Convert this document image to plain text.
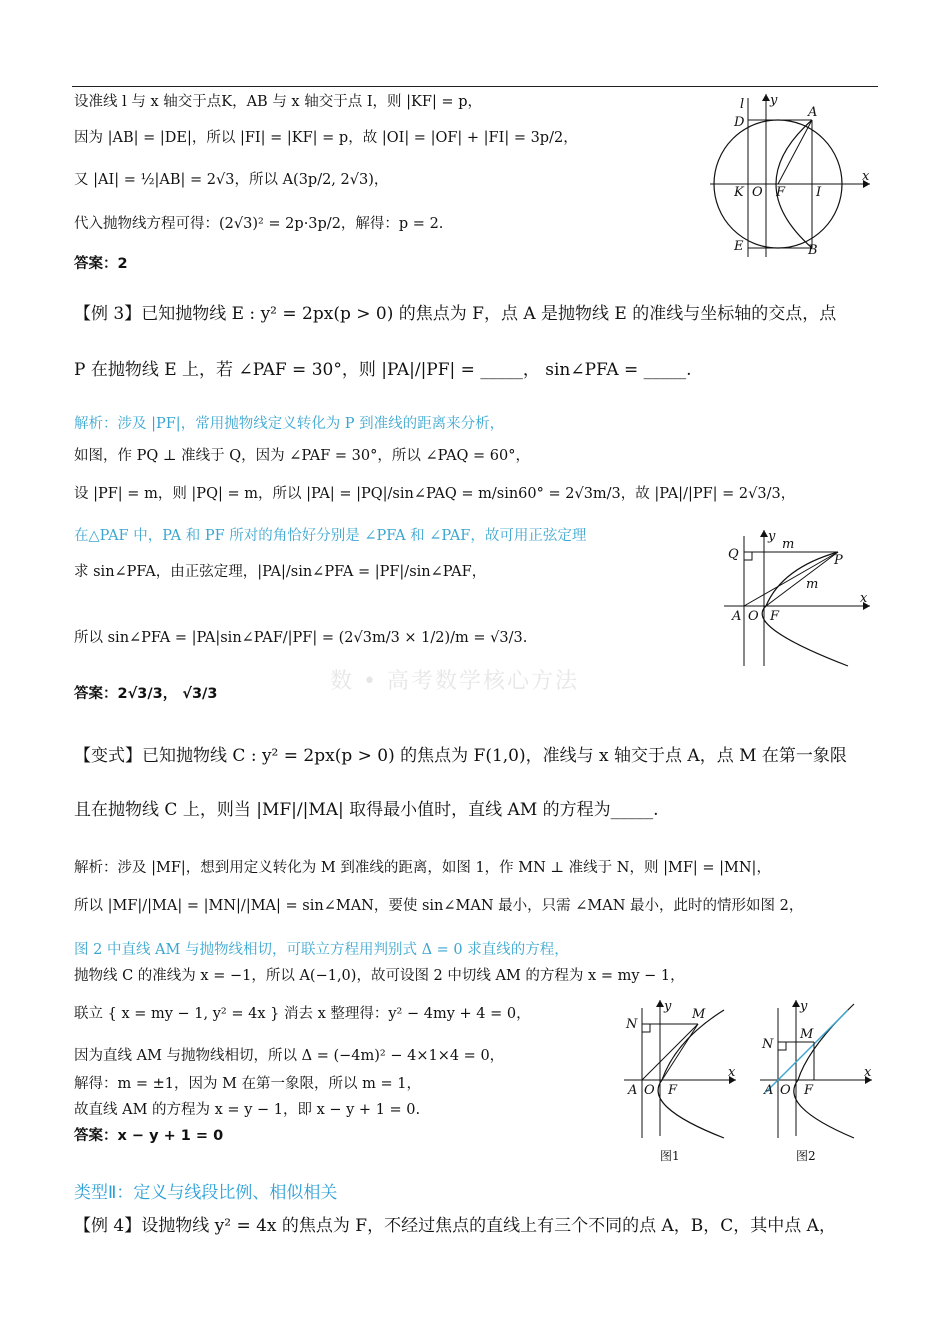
设准线 l 与 x 轴交于点K，AB 与 x 轴交于点 I，则 |KF| = p，
因为 |AB| = |DE|，所以 |FI| = |KF| = p，故 |OI| = |OF| + |FI| = 3p/2，
又 |AI| = ½|AB| = 2√3，所以 A(3p/2, 2√3)，
代入抛物线方程可得：(2√3)² = 2p·3p/2，解得：p = 2.
答案：2
l y
D
A
x
K O F I
E	B
【例 3】已知抛物线 E : y² = 2px(p > 0) 的焦点为 F，点 A 是抛物线 E 的准线与坐标轴的交点，点
P 在抛物线 E 上，若 ∠PAF = 30°，则 |PA|/|PF| = _____， sin∠PFA = _____.
解析：涉及 |PF|，常用抛物线定义转化为 P 到准线的距离来分析，
如图，作 PQ ⊥ 准线于 Q，因为 ∠PAF = 30°，所以 ∠PAQ = 60°，
设 |PF| = m，则 |PQ| = m，所以 |PA| = |PQ|/sin∠PAQ = m/sin60° = 2√3m/3，故 |PA|/|PF| = 2√3/3，
在△PAF 中，PA 和 PF 所对的角恰好分别是 ∠PFA 和 ∠PAF，故可用正弦定理
求 sin∠PFA，由正弦定理，|PA|/sin∠PFA = |PF|/sin∠PAF，
所以 sin∠PFA = |PA|sin∠PAF/|PF| = (2√3m/3 × 1/2)/m = √3/3.
答案：2√3/3， √3/3
Q
y
m
P
m
x
A O F
数 • 高考数学核心方法
【变式】已知抛物线 C : y² = 2px(p > 0) 的焦点为 F(1,0)，准线与 x 轴交于点 A，点 M 在第一象限
且在抛物线 C 上，则当 |MF|/|MA| 取得最小值时，直线 AM 的方程为_____.
解析：涉及 |MF|，想到用定义转化为 M 到准线的距离，如图 1，作 MN ⊥ 准线于 N，则 |MF| = |MN|，
所以 |MF|/|MA| = |MN|/|MA| = sin∠MAN，要使 sin∠MAN 最小，只需 ∠MAN 最小，此时的情形如图 2，
图 2 中直线 AM 与抛物线相切，可联立方程用判别式 Δ = 0 求直线的方程，
抛物线 C 的准线为 x = −1，所以 A(−1,0)，故可设图 2 中切线 AM 的方程为 x = my − 1，
联立 { x = my − 1, y² = 4x } 消去 x 整理得：y² − 4my + 4 = 0，
因为直线 AM 与抛物线相切，所以 Δ = (−4m)² − 4×1×4 = 0，
解得：m = ±1，因为 M 在第一象限，所以 m = 1，
故直线 AM 的方程为 x = y − 1，即 x − y + 1 = 0.
答案：x − y + 1 = 0
y
M
N
x
A O F
图1
y
M
N
x
A O F
图2
类型Ⅱ：定义与线段比例、相似相关
【例 4】设抛物线 y² = 4x 的焦点为 F，不经过焦点的直线上有三个不同的点 A，B，C，其中点 A，
